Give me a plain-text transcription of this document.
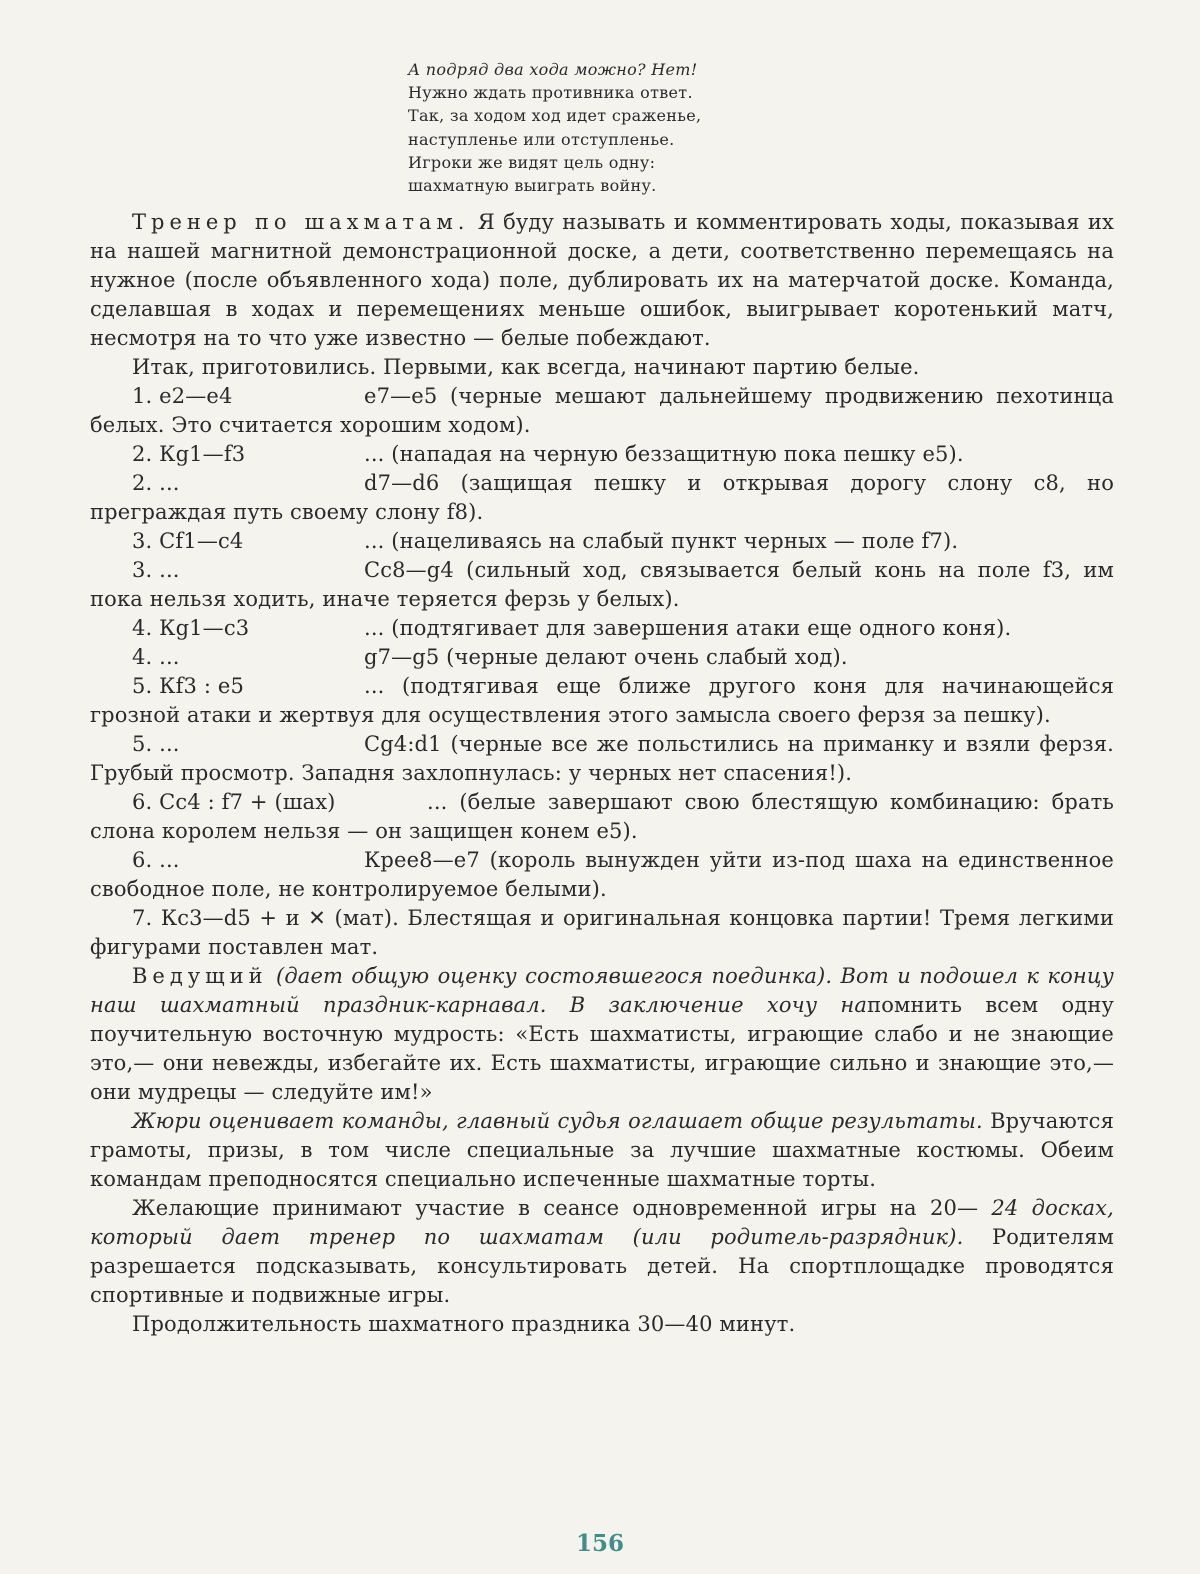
А подряд два хода можно? Нет!
Нужно ждать противника ответ.
Так, за ходом ход идет сраженье,
наступленье или отступленье.
Игроки же видят цель одну:
шахматную выиграть войну.

Тренер по шахматам. Я буду называть и комментировать ходы, показывая их на нашей магнитной демонстрационной доске, а дети, соответственно перемещаясь на нужное (после объявленного хода) поле, дублировать их на матерчатой доске. Команда, сделавшая в ходах и перемещениях меньше ошибок, выигрывает коротенький матч, несмотря на то что уже известно — белые побеждают.

Итак, приготовились. Первыми, как всегда, начинают партию белые.

1. е2—е4	е7—е5 (черные мешают дальнейшему продвижению пехотинца белых. Это считается хорошим ходом).

2. Кg1—f3	... (нападая на черную беззащитную пока пешку е5).

2. ...	d7—d6 (защищая пешку и открывая дорогу слону с8, но преграждая путь своему слону f8).

3. Cf1—c4	... (нацеливаясь на слабый пункт черных — поле f7).

3. ...	Сс8—g4 (сильный ход, связывается белый конь на поле f3, им пока нельзя ходить, иначе теряется ферзь у белых).

4. Кg1—c3	... (подтягивает для завершения атаки еще одного коня).

4. ...	g7—g5 (черные делают очень слабый ход).

5. Кf3 : е5	... (подтягивая еще ближе другого коня для начинающейся грозной атаки и жертвуя для осуществления этого замысла своего ферзя за пешку).

5. ...	Сg4:d1 (черные все же польстились на приманку и взяли ферзя. Грубый просмотр. Западня захлопнулась: у черных нет спасения!).

6. Сс4 : f7 + (шах)	... (белые завершают свою блестящую комбинацию: брать слона королем нельзя — он защищен конем е5).

6. ...	Креe8—е7 (король вынужден уйти из-под шаха на единственное свободное поле, не контролируемое белыми).

7. Кс3—d5 + и ✕ (мат). Блестящая и оригинальная концовка партии! Тремя легкими фигурами поставлен мат.

Ведущий (дает общую оценку состоявшегося поединка). Вот и подошел к концу наш шахматный праздник-карнавал. В заключение хочу напомнить всем одну поучительную восточную мудрость: «Есть шахматисты, играющие слабо и не знающие это,— они невежды, избегайте их. Есть шахматисты, играющие сильно и знающие это,— они мудрецы — следуйте им!»

Жюри оценивает команды, главный судья оглашает общие результаты. Вручаются грамоты, призы, в том числе специальные за лучшие шахматные костюмы. Обеим командам преподносятся специально испеченные шахматные торты.

Желающие принимают участие в сеансе одновременной игры на 20— 24 досках, который дает тренер по шахматам (или родитель-разрядник). Родителям разрешается подсказывать, консультировать детей. На спортплощадке проводятся спортивные и подвижные игры.

Продолжительность шахматного праздника 30—40 минут.

156
